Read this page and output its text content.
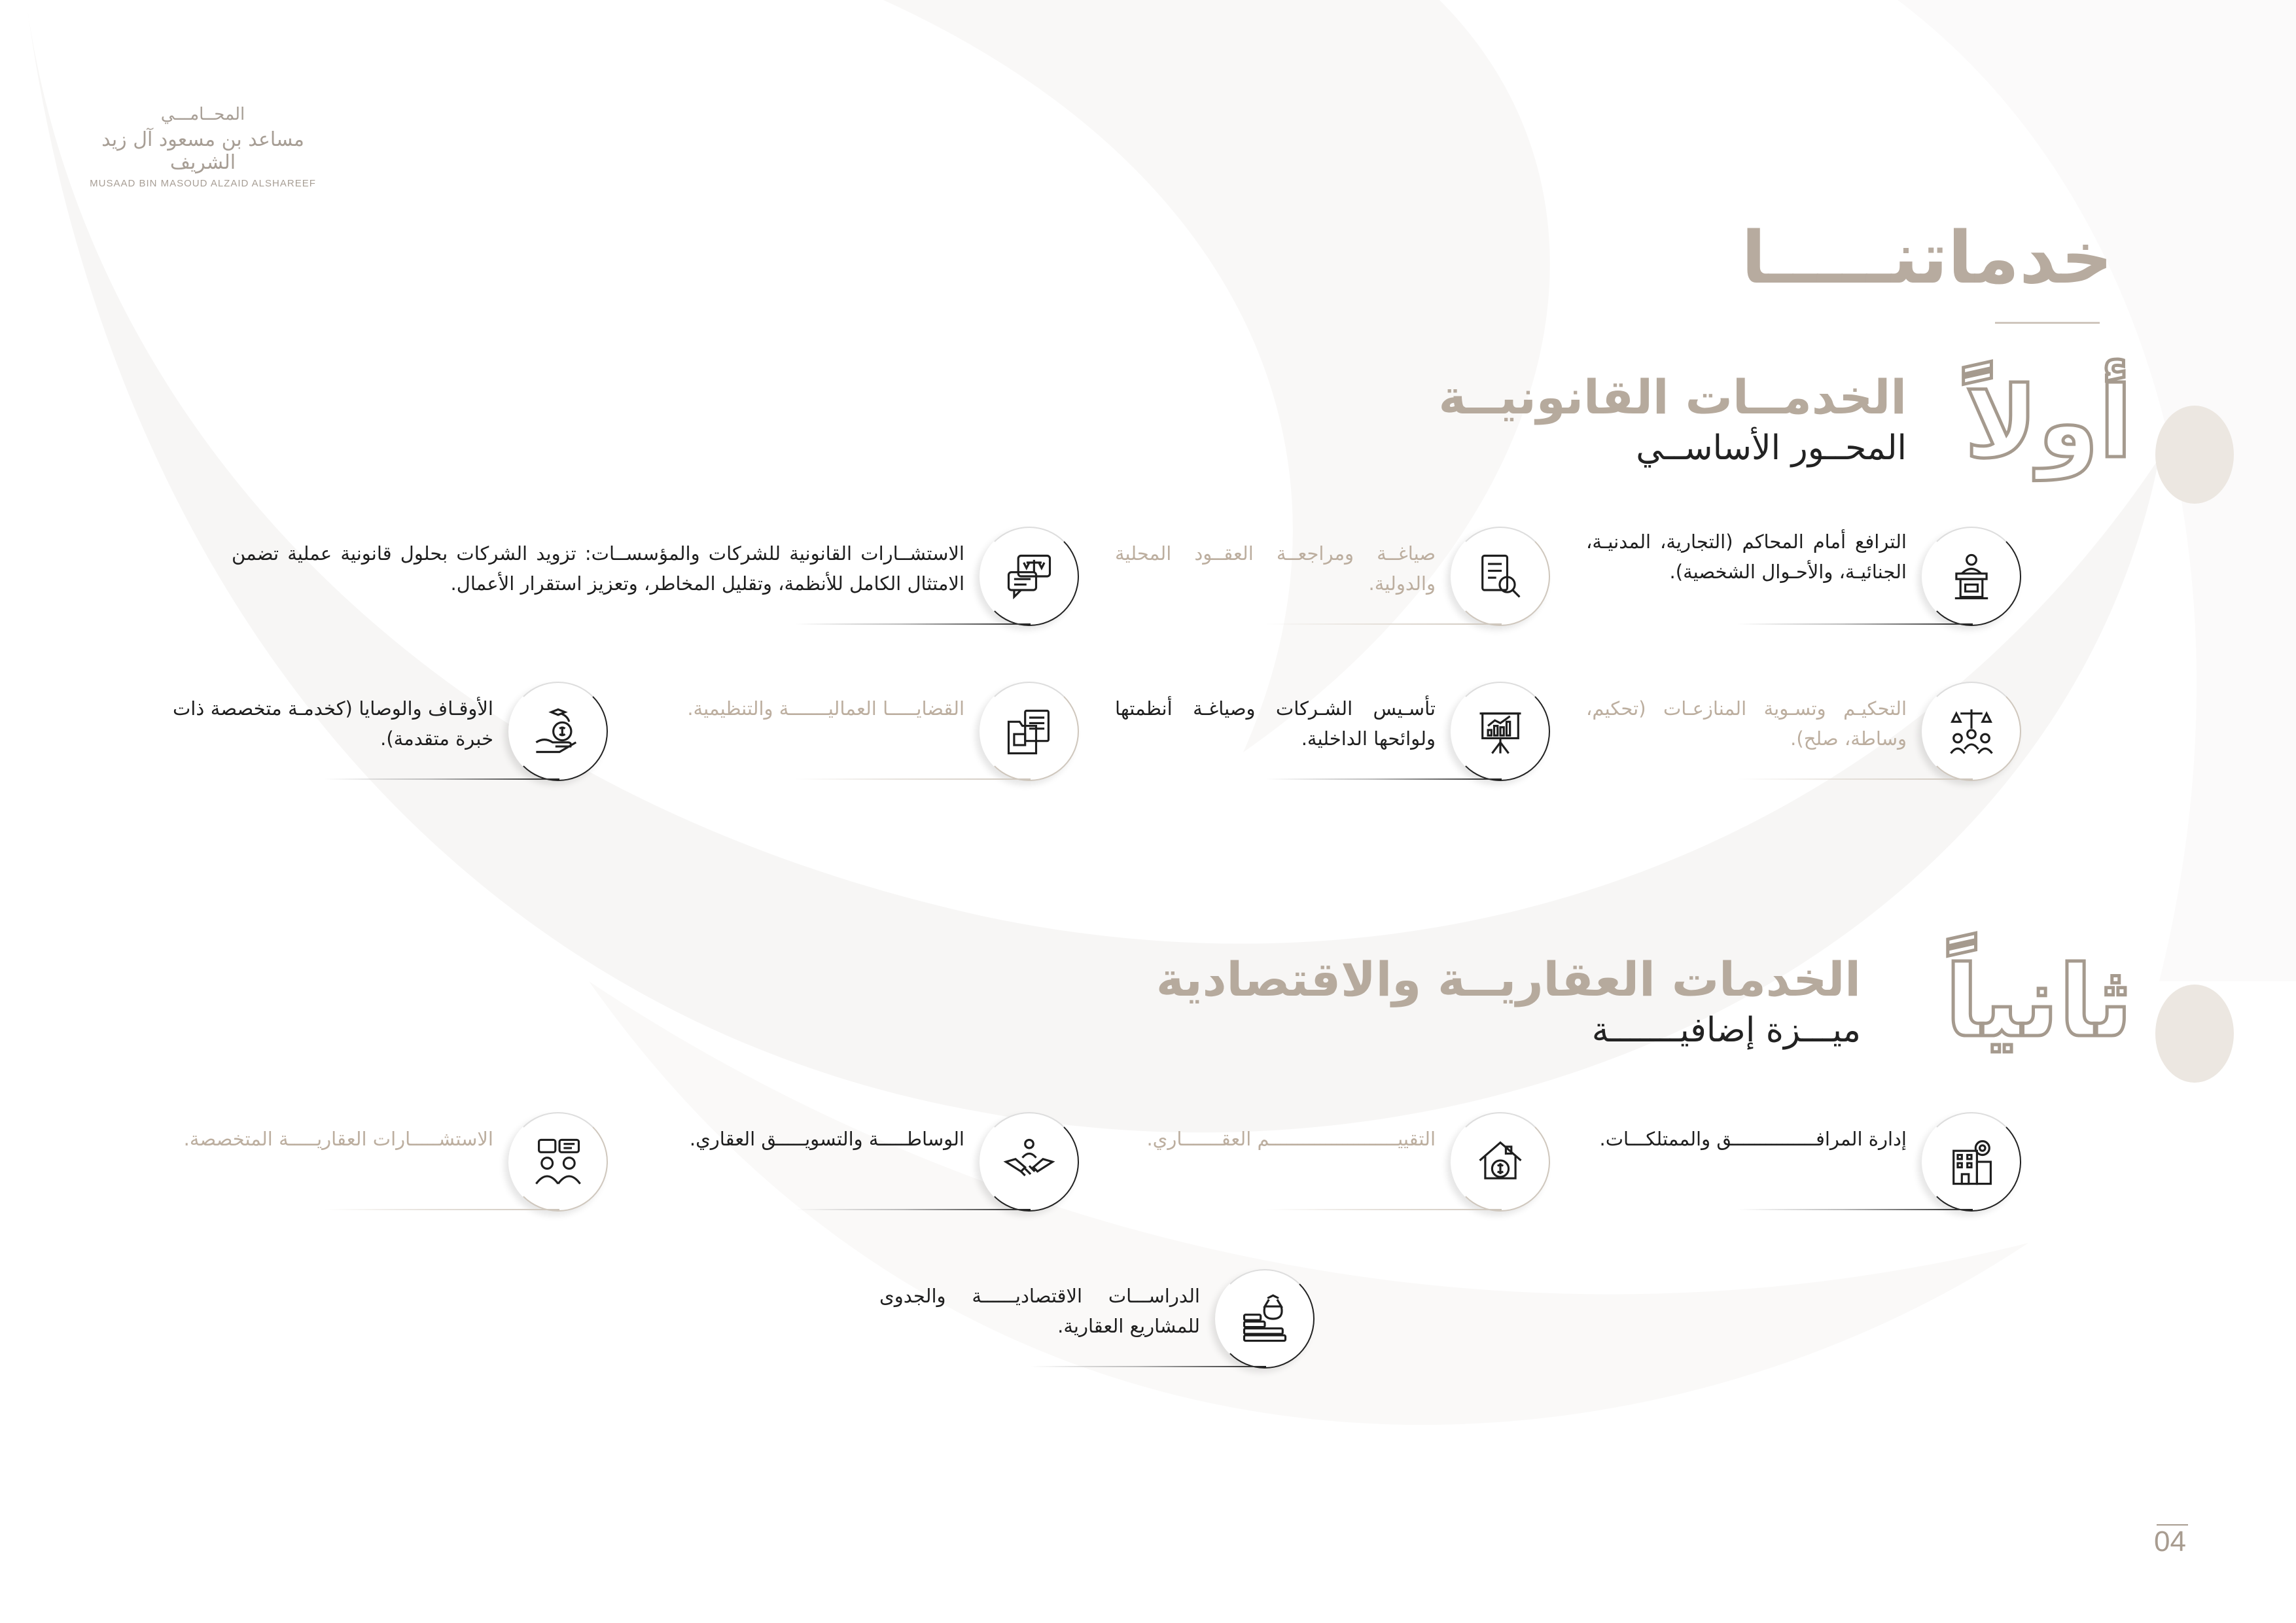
المحــامـــي
مساعد بن مسعود آل زيد الشريف
MUSAAD BIN MASOUD ALZAID ALSHAREEF
خدماتنـــــا
أولاً
الخدمــات القانونيــة
المحــور الأساســي
الترافع أمام المحاكم (التجارية، المدنيـة، الجنائيـة، والأحـوال الشخصية).
صياغــة ومراجعــة العقــود المحلية والدولية.
الاستشــارات القانونية للشركات والمؤسســات: تزويد الشركات بحلول قانونية عملية تضمن الامتثال الكامل للأنظمة، وتقليل المخاطر، وتعزيز استقرار الأعمال.
التحكيـم وتسـوية المنازعـات (تحكيم، وساطة، صلح).
تأسـيس الشـركات وصياغـة أنظمتها ولوائحها الداخلية.
القضايـــــا العماليـــــــة والتنظيمية.
الأوقـاف والوصايا (كخدمـة متخصصة ذات خبرة متقدمة).
ثانياً
الخدمات العقاريــة والاقتصادية
ميـــزة إضافيـــــــة
إدارة المرافـــــــــــــــق والممتلكـــات.
التقييـــــــــــــــــــــــم العقـــــــاري.
الوساطـــــة والتسويـــــق العقاري.
الاستشـــــارات العقاريـــــة المتخصصة.
الدراســـات الاقتصاديــــــة والجدوى للمشاريع العقارية.
04
